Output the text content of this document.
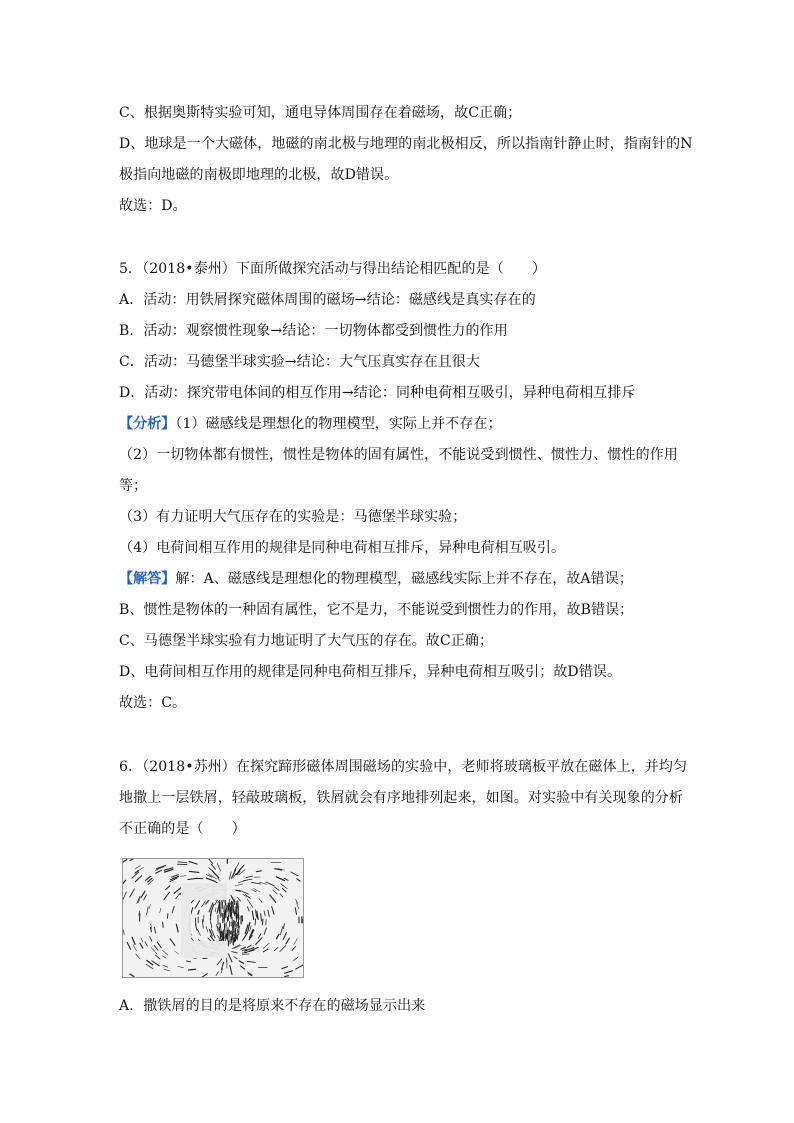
C、根据奥斯特实验可知，通电导体周围存在着磁场，故C正确；
D、地球是一个大磁体，地磁的南北极与地理的南北极相反，所以指南针静止时，指南针的N
极指向地磁的南极即地理的北极，故D错误。
故选：D。
5．（2018•泰州）下面所做探究活动与得出结论相匹配的是（　　）
A．活动：用铁屑探究磁体周围的磁场→结论：磁感线是真实存在的
B．活动：观察惯性现象→结论：一切物体都受到惯性力的作用
C．活动：马德堡半球实验→结论：大气压真实存在且很大
D．活动：探究带电体间的相互作用→结论：同种电荷相互吸引，异种电荷相互排斥
【分析】（1）磁感线是理想化的物理模型，实际上并不存在；
（2）一切物体都有惯性，惯性是物体的固有属性，不能说受到惯性、惯性力、惯性的作用
等；
（3）有力证明大气压存在的实验是：马德堡半球实验；
（4）电荷间相互作用的规律是同种电荷相互排斥，异种电荷相互吸引。
【解答】解：A、磁感线是理想化的物理模型，磁感线实际上并不存在，故A错误；
B、惯性是物体的一种固有属性，它不是力，不能说受到惯性力的作用，故B错误；
C、马德堡半球实验有力地证明了大气压的存在。故C正确；
D、电荷间相互作用的规律是同种电荷相互排斥，异种电荷相互吸引；故D错误。
故选：C。
6．（2018•苏州）在探究蹄形磁体周围磁场的实验中，老师将玻璃板平放在磁体上，并均匀
地撒上一层铁屑，轻敲玻璃板，铁屑就会有序地排列起来，如图。对实验中有关现象的分析
不正确的是（　　）
A．撒铁屑的目的是将原来不存在的磁场显示出来
